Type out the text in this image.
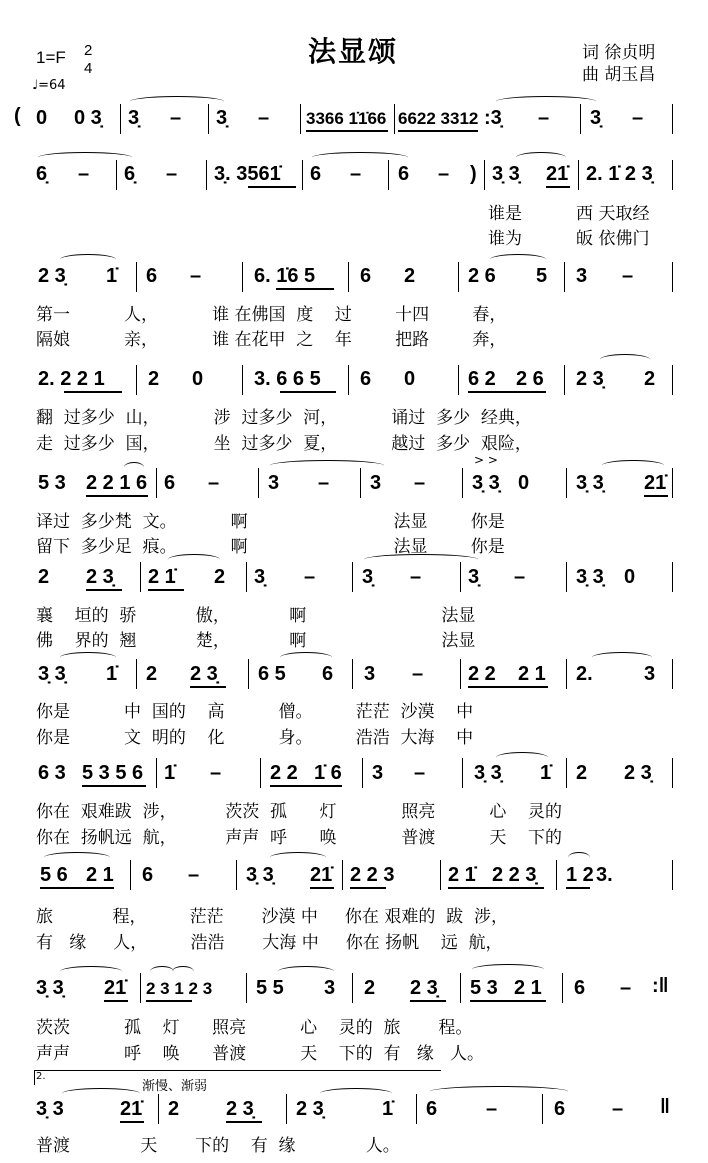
1=F 2
4
♩=64
法显颂	词 徐贞明
曲 胡玉昌
( 0 0 3̣ 3̣ – 3̣ – 3366 1̇1̇66 6622 3312 :3̣ – 3̣ –
6̣ – 6̣ – 3̣. 3561̇ 6 – 6 – ) 3̣ 3̣ 21̇ 2. 1̇ 2 3̣
谁是          西 天取经
谁为          皈 依佛门
2 3̣ 1̇ 6 –	6. 1̇6 5 6 2	2 6 5 3 –
第一          人，          谁 在佛国  度    过        十四        春，
隔娘          亲，          谁 在花甲  之    年        把路        奔，
2. 2 2 1 2 0	3. 6 6 5 6 0	6 2 2 6 2 3̣ 2
翻  过多少  山，          涉  过多少  河，          诵过  多少  经典，
走  过多少  国，          坐  过多少  夏，          越过  多少  艰险，
5 3 2 2 1 6 6 – 3 – 3 –
> >
3̣ 3̣ 0 3̣ 3̣ 21̇
译过  多少梵  文。          啊                           法显        你是
留下  多少足  痕。          啊                           法显        你是
2 2 3̣ 2 1̇ 2 3̣ – 3̣ – 3̣ –	3̣ 3̣ 0
襄    垣的  骄           傲，           啊                         法显
佛    界的  翘           楚，           啊                         法显
3̣ 3̣ 1̇ 2 2 3̣ 6 5 6 3 – 2 2 2 1 2.	3
你是          中  国的    高          僧。        茫茫  沙漠    中
你是          文  明的    化          身。        浩浩  大海    中
6 3 5 3 5 6 1̇ – 2 2 1̇ 6 3 – 3̣ 3̣ 1̇ 2 2 3̣
你在  艰难跋  涉，         茨茨  孤      灯            照亮          心    灵的
你在  扬帆远  航，         声声  呼      唤            普渡          天    下的
5 6 2 1 6 – 3̣ 3̣ 21̇ 2 2 3	2 1̇ 2 2 3̣ 1 2 3.
旅           程，        茫茫       沙漠 中     你在 艰难的  跋  涉，
有   缘     人，        浩浩       大海 中     你在 扬帆    远  航，
3̣ 3̣ 21̇ 2 3 1 2 3 5 5 3 2 2 3̣ 5 3 2 1 6 – :‖
茨茨          孤    灯      照亮          心    灵的  旅       程。
声声          呼    唤      普渡          天    下的  有   缘   人。
2.
渐慢、渐弱
3̣ 3	21̇ 2 2 3̣ 2 3̣	1̇ 6 –	6 – ‖
普渡             天       下的    有  缘             人。
